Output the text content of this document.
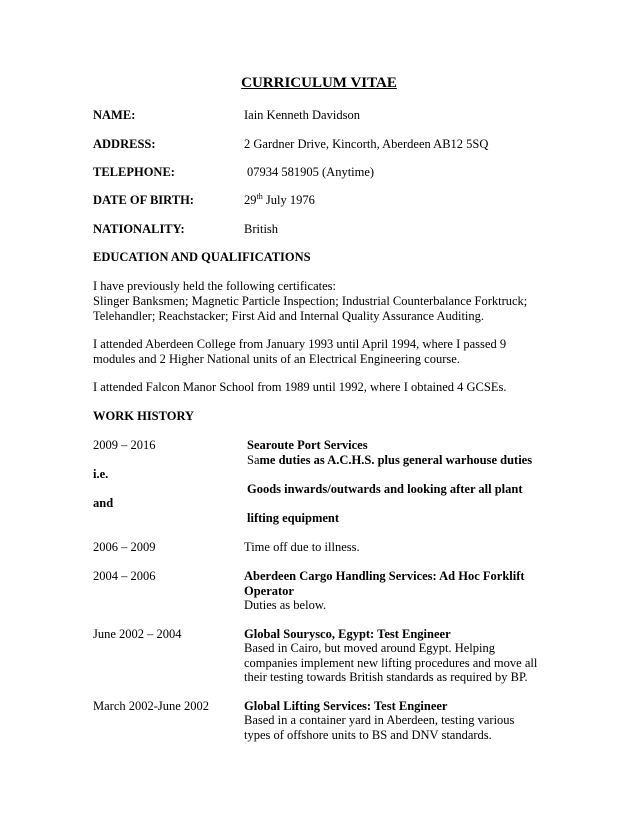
CURRICULUM VITAE
NAME:	Iain Kenneth Davidson
ADDRESS:	2 Gardner Drive, Kincorth, Aberdeen AB12 5SQ
TELEPHONE:	07934 581905 (Anytime)
DATE OF BIRTH:	29th July 1976
NATIONALITY:	British
EDUCATION AND QUALIFICATIONS
I have previously held the following certificates:
Slinger Banksmen; Magnetic Particle Inspection; Industrial Counterbalance Forktruck;
Telehandler; Reachstacker; First Aid and Internal Quality Assurance Auditing.
I attended Aberdeen College from January 1993 until April 1994, where I passed 9
modules and 2 Higher National units of an Electrical Engineering course.
I attended Falcon Manor School from 1989 until 1992, where I obtained 4 GCSEs.
WORK HISTORY
2009 – 2016	Searoute Port Services
Same duties as A.C.H.S. plus general warhouse duties
i.e.
Goods inwards/outwards and looking after all plant
and
lifting equipment
2006 – 2009	Time off due to illness.
2004 – 2006	Aberdeen Cargo Handling Services: Ad Hoc Forklift
Operator
Duties as below.
June 2002 – 2004	Global Sourysco, Egypt: Test Engineer
Based in Cairo, but moved around Egypt. Helping
companies implement new lifting procedures and move all
their testing towards British standards as required by BP.
March 2002-June 2002	Global Lifting Services: Test Engineer
Based in a container yard in Aberdeen, testing various
types of offshore units to BS and DNV standards.
